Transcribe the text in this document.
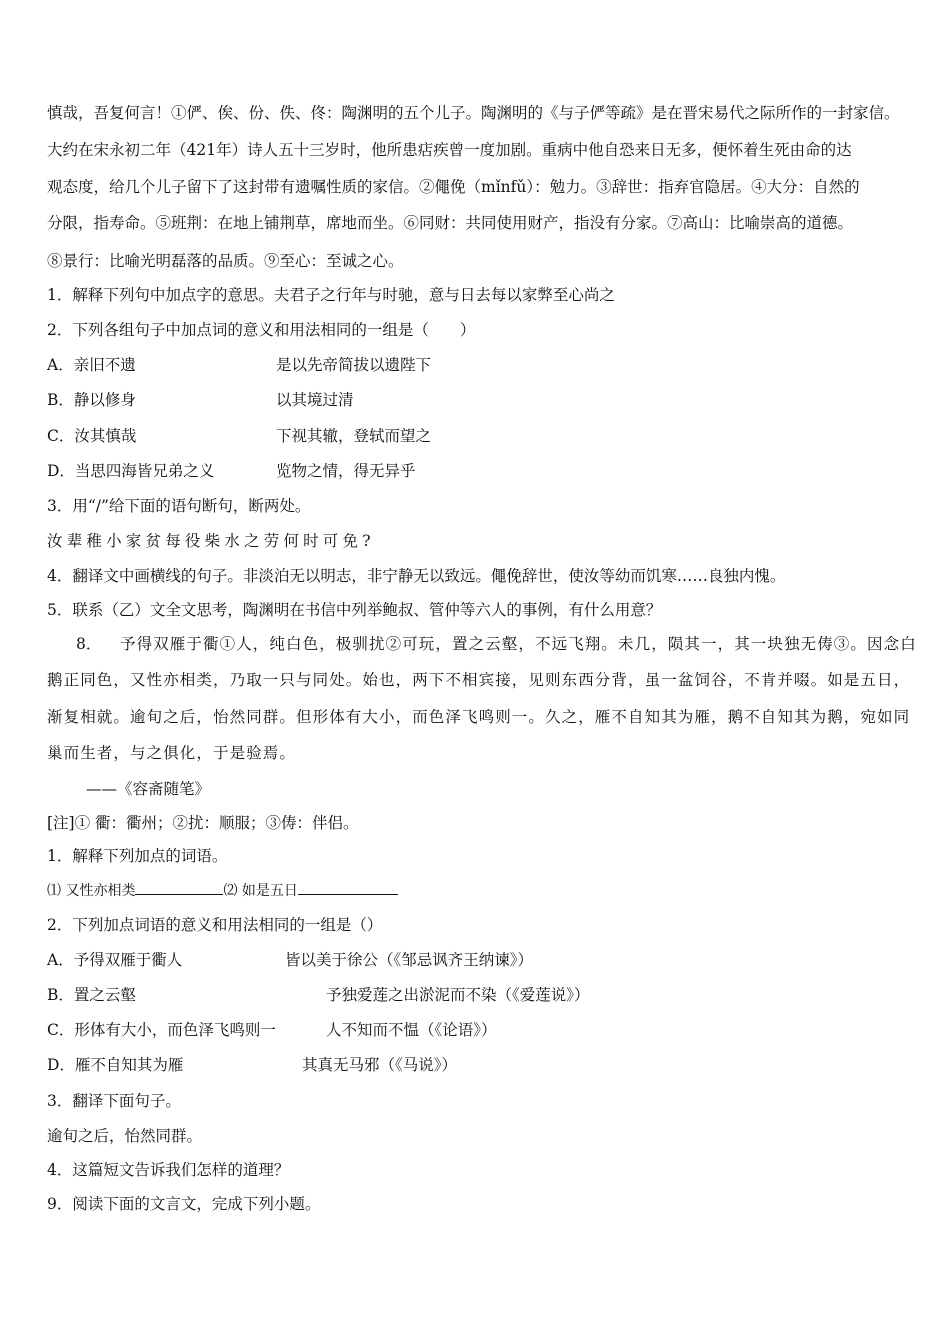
慎哉，吾复何言！①俨、俟、份、佚、佟：陶渊明的五个儿子。陶渊明的《与子俨等疏》是在晋宋易代之际所作的一封家信。
大约在宋永初二年（421年）诗人五十三岁时，他所患痁疾曾一度加剧。重病中他自恐来日无多，便怀着生死由命的达
观态度，给几个儿子留下了这封带有遗嘱性质的家信。②僶俛（mǐnfǔ）：勉力。③辞世：指弃官隐居。④大分：自然的
分限，指寿命。⑤班荆：在地上铺荆草，席地而坐。⑥同财：共同使用财产，指没有分家。⑦高山：比喻崇高的道德。
⑧景行：比喻光明磊落的品质。⑨至心：至诚之心。
1．解释下列句中加点字的意思。夫君子之行年与时驰，意与日去每以家弊至心尚之
2．下列各组句子中加点词的意义和用法相同的一组是（　　）
A．亲旧不遗	是以先帝简拔以遗陛下
B．静以修身	以其境过清
C．汝其慎哉	下视其辙，登轼而望之
D．当思四海皆兄弟之义	览物之情，得无异乎
3．用“/”给下面的语句断句，断两处。
汝辈稚小家贫每役柴水之劳何时可免?
4．翻译文中画横线的句子。非淡泊无以明志，非宁静无以致远。僶俛辞世，使汝等幼而饥寒……良独内愧。
5．联系（乙）文全文思考，陶渊明在书信中列举鲍叔、管仲等六人的事例，有什么用意？
8． 予得双雁于衢①人，纯白色，极驯扰②可玩，置之云壑，不远飞翔。未几，陨其一，其一块独无俦③。因念白
鹅正同色，又性亦相类，乃取一只与同处。始也，两下不相宾接，见则东西分背，虽一盆饲谷，不肯并啜。如是五日，
渐复相就。逾旬之后，怡然同群。但形体有大小，而色泽飞鸣则一。久之，雁不自知其为雁，鹅不自知其为鹅，宛如同
巢而生者，与之俱化，于是验焉。
——《容斋随笔》
[注]① 衢：衢州；②扰：顺服；③俦：伴侣。
1．解释下列加点的词语。
⑴ 又性亦相类	⑵ 如是五日
2．下列加点词语的意义和用法相同的一组是（）
A．予得双雁于衢人	皆以美于徐公（《邹忌讽齐王纳谏》）
B．置之云壑	予独爱莲之出淤泥而不染（《爱莲说》）
C．形体有大小，而色泽飞鸣则一	人不知而不愠（《论语》）
D．雁不自知其为雁	其真无马邪（《马说》）
3．翻译下面句子。
逾旬之后，怡然同群。
4．这篇短文告诉我们怎样的道理？
9．阅读下面的文言文，完成下列小题。
